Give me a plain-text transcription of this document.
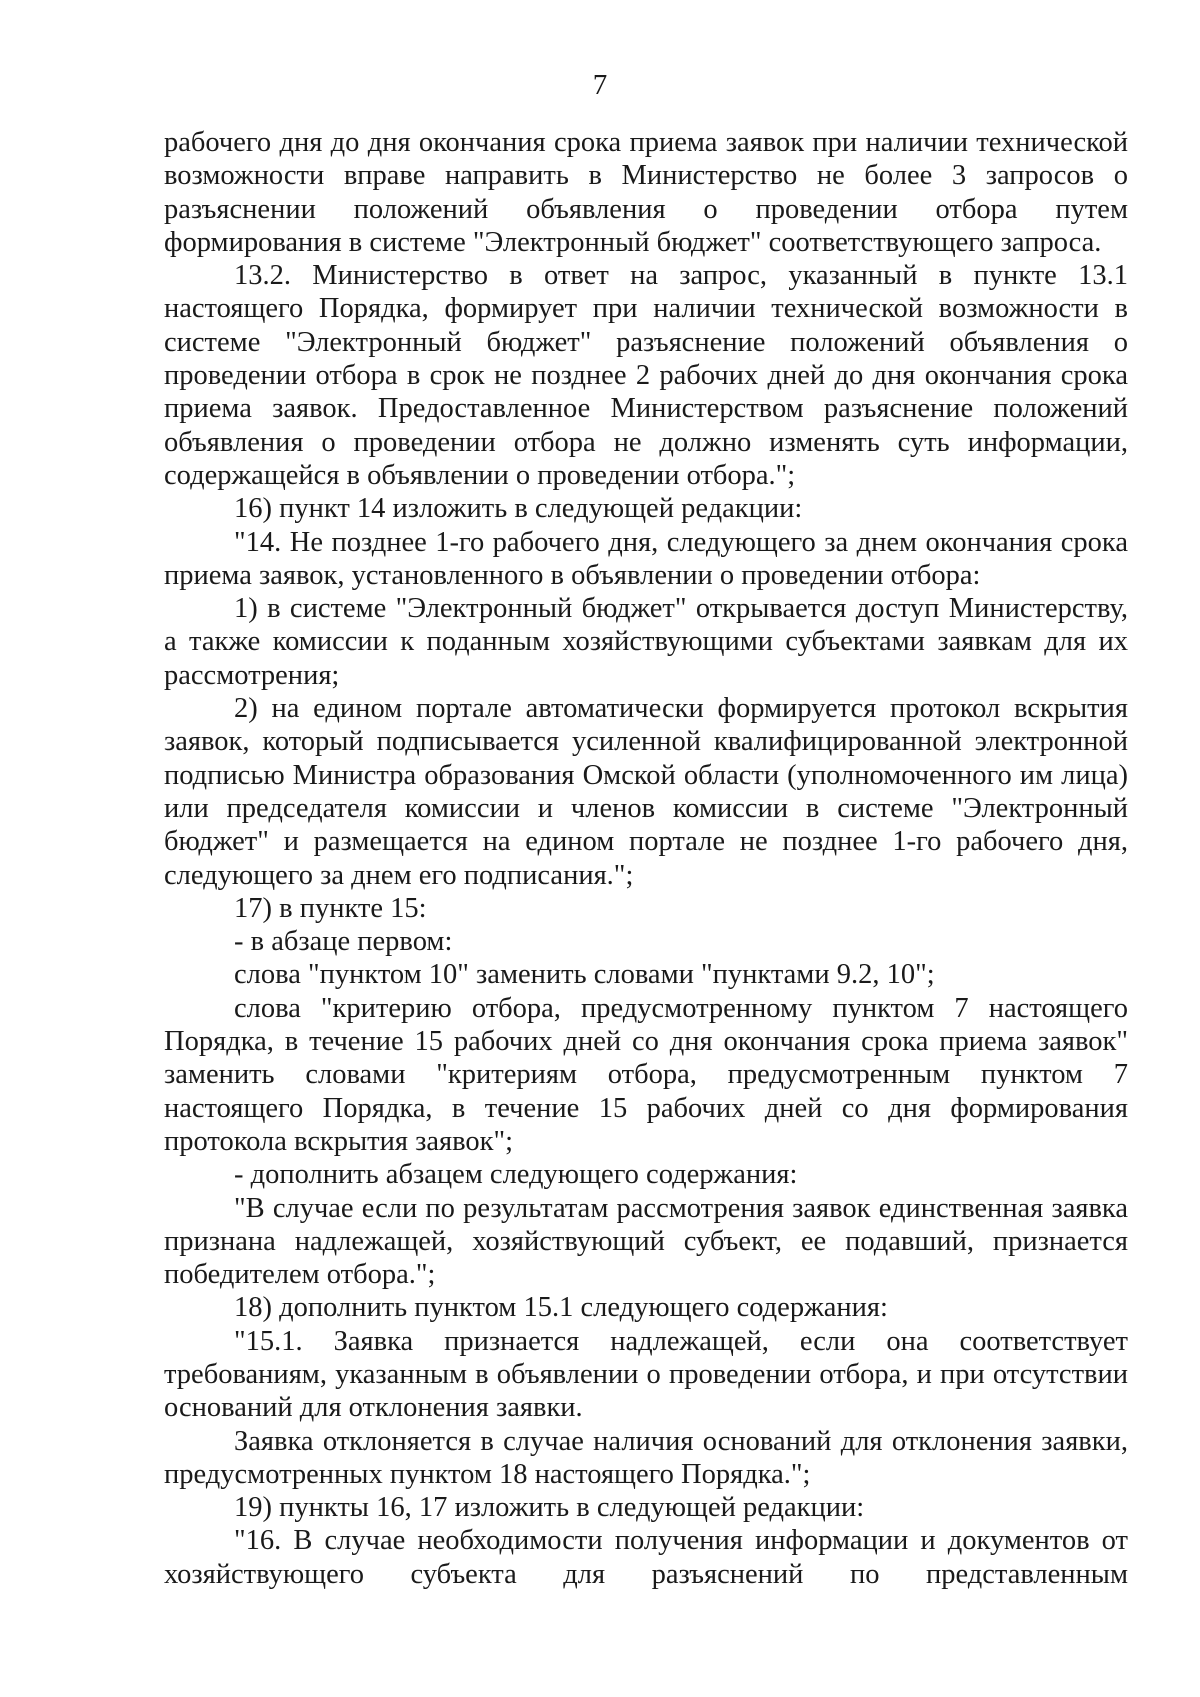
7

рабочего дня до дня окончания срока приема заявок при наличии технической возможности вправе направить в Министерство не более 3 запросов о разъяснении положений объявления о проведении отбора путем формирования в системе "Электронный бюджет" соответствующего запроса.

13.2. Министерство в ответ на запрос, указанный в пункте 13.1 настоящего Порядка, формирует при наличии технической возможности в системе "Электронный бюджет" разъяснение положений объявления о проведении отбора в срок не позднее 2 рабочих дней до дня окончания срока приема заявок. Предоставленное Министерством разъяснение положений объявления о проведении отбора не должно изменять суть информации, содержащейся в объявлении о проведении отбора.";

16) пункт 14 изложить в следующей редакции:

"14. Не позднее 1-го рабочего дня, следующего за днем окончания срока приема заявок, установленного в объявлении о проведении отбора:

1) в системе "Электронный бюджет" открывается доступ Министерству, а также комиссии к поданным хозяйствующими субъектами заявкам для их рассмотрения;

2) на едином портале автоматически формируется протокол вскрытия заявок, который подписывается усиленной квалифицированной электронной подписью Министра образования Омской области (уполномоченного им лица) или председателя комиссии и членов комиссии в системе "Электронный бюджет" и размещается на едином портале не позднее 1-го рабочего дня, следующего за днем его подписания.";

17) в пункте 15:

- в абзаце первом:

слова "пунктом 10" заменить словами "пунктами 9.2, 10";

слова "критерию отбора, предусмотренному пунктом 7 настоящего Порядка, в течение 15 рабочих дней со дня окончания срока приема заявок" заменить словами "критериям отбора, предусмотренным пунктом 7 настоящего Порядка, в течение 15 рабочих дней со дня формирования протокола вскрытия заявок";

- дополнить абзацем следующего содержания:

"В случае если по результатам рассмотрения заявок единственная заявка признана надлежащей, хозяйствующий субъект, ее подавший, признается победителем отбора.";

18) дополнить пунктом 15.1 следующего содержания:

"15.1. Заявка признается надлежащей, если она соответствует требованиям, указанным в объявлении о проведении отбора, и при отсутствии оснований для отклонения заявки.

Заявка отклоняется в случае наличия оснований для отклонения заявки, предусмотренных пунктом 18 настоящего Порядка.";

19) пункты 16, 17 изложить в следующей редакции:

"16. В случае необходимости получения информации и документов от хозяйствующего субъекта для разъяснений по представленным
